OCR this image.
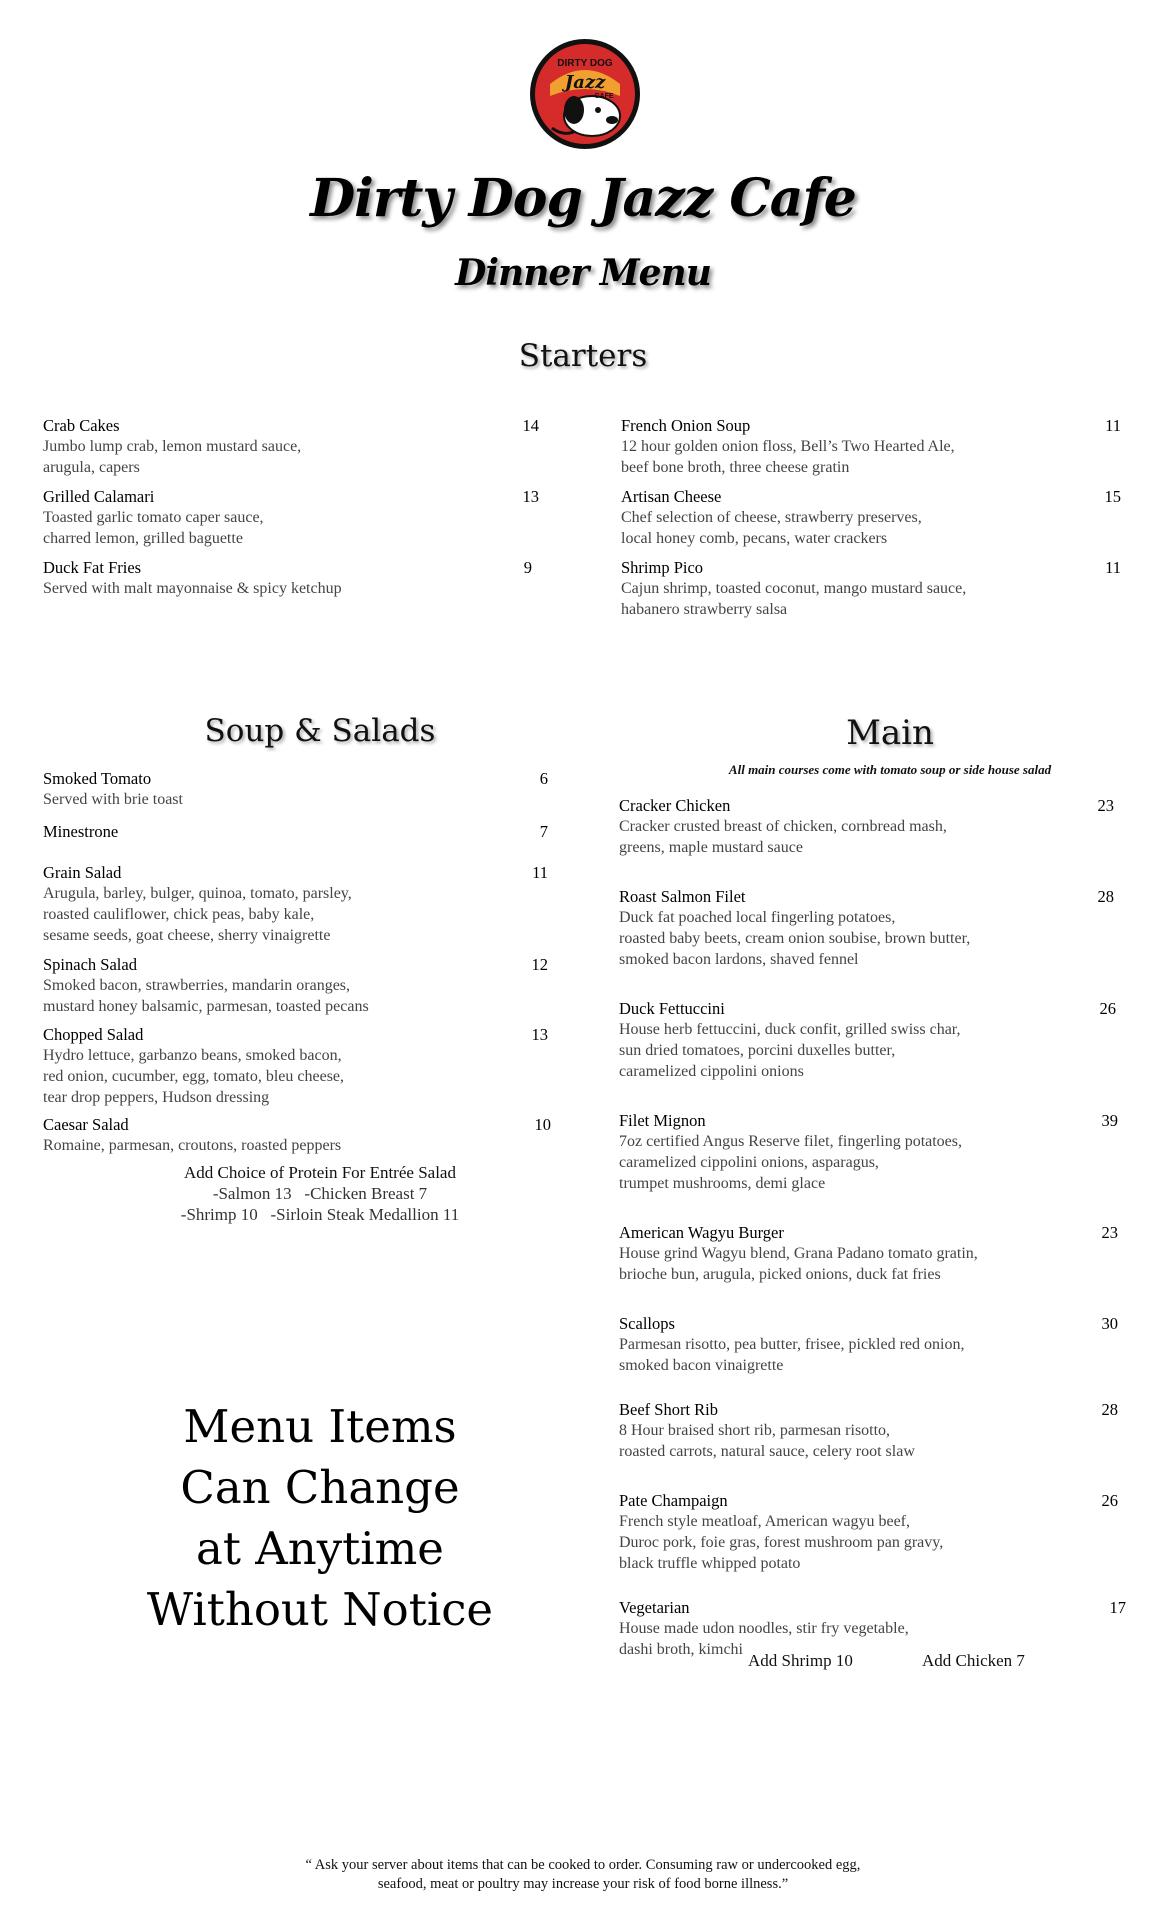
DIRTY DOG
Jazz
CAFE
Dirty Dog Jazz Cafe
Dinner Menu
Starters
Crab Cakes
Jumbo lump crab, lemon mustard sauce,
arugula, capers
14
Grilled Calamari
Toasted garlic tomato caper sauce,
charred lemon, grilled baguette
13
Duck Fat Fries
Served with malt mayonnaise & spicy ketchup
9
French Onion Soup
12 hour golden onion floss, Bell’s Two Hearted Ale,
beef bone broth, three cheese gratin
11
Artisan Cheese
Chef selection of cheese, strawberry preserves,
local honey comb, pecans, water crackers
15
Shrimp Pico
Cajun shrimp, toasted coconut, mango mustard sauce,
habanero strawberry salsa
11
Soup & Salads
Smoked Tomato
Served with brie toast
6
Minestrone	7
Grain Salad
Arugula, barley, bulger, quinoa, tomato, parsley,
roasted cauliflower, chick peas, baby kale,
sesame seeds, goat cheese, sherry vinaigrette
11
Spinach Salad
Smoked bacon, strawberries, mandarin oranges,
mustard honey balsamic, parmesan, toasted pecans
12
Chopped Salad
Hydro lettuce, garbanzo beans, smoked bacon,
red onion, cucumber, egg, tomato, bleu cheese,
tear drop peppers, Hudson dressing
13
Caesar Salad
Romaine, parmesan, croutons, roasted peppers
10
Add Choice of Protein For Entrée Salad
-Salmon 13   -Chicken Breast 7
-Shrimp 10   -Sirloin Steak Medallion 11
Menu Items
Can Change
at Anytime
Without Notice
Main
All main courses come with tomato soup or side house salad
Cracker Chicken
Cracker crusted breast of chicken, cornbread mash,
greens, maple mustard sauce
23
Roast Salmon Filet
Duck fat poached local fingerling potatoes,
roasted baby beets, cream onion soubise, brown butter,
smoked bacon lardons, shaved fennel
28
Duck Fettuccini
House herb fettuccini, duck confit, grilled swiss char,
sun dried tomatoes, porcini duxelles butter,
caramelized cippolini onions
26
Filet Mignon
7oz certified Angus Reserve filet, fingerling potatoes,
caramelized cippolini onions, asparagus,
trumpet mushrooms, demi glace
39
American Wagyu Burger
House grind Wagyu blend, Grana Padano tomato gratin,
brioche bun, arugula, picked onions, duck fat fries
23
Scallops
Parmesan risotto, pea butter, frisee, pickled red onion,
smoked bacon vinaigrette
30
Beef Short Rib
8 Hour braised short rib, parmesan risotto,
roasted carrots, natural sauce, celery root slaw
28
Pate Champaign
French style meatloaf, American wagyu beef,
Duroc pork, foie gras, forest mushroom pan gravy,
black truffle whipped potato
26
Vegetarian
House made udon noodles, stir fry vegetable,
dashi broth, kimchi
17
Add Shrimp 10	Add Chicken 7
“ Ask your server about items that can be cooked to order. Consuming raw or undercooked egg,
seafood, meat or poultry may increase your risk of food borne illness.”
